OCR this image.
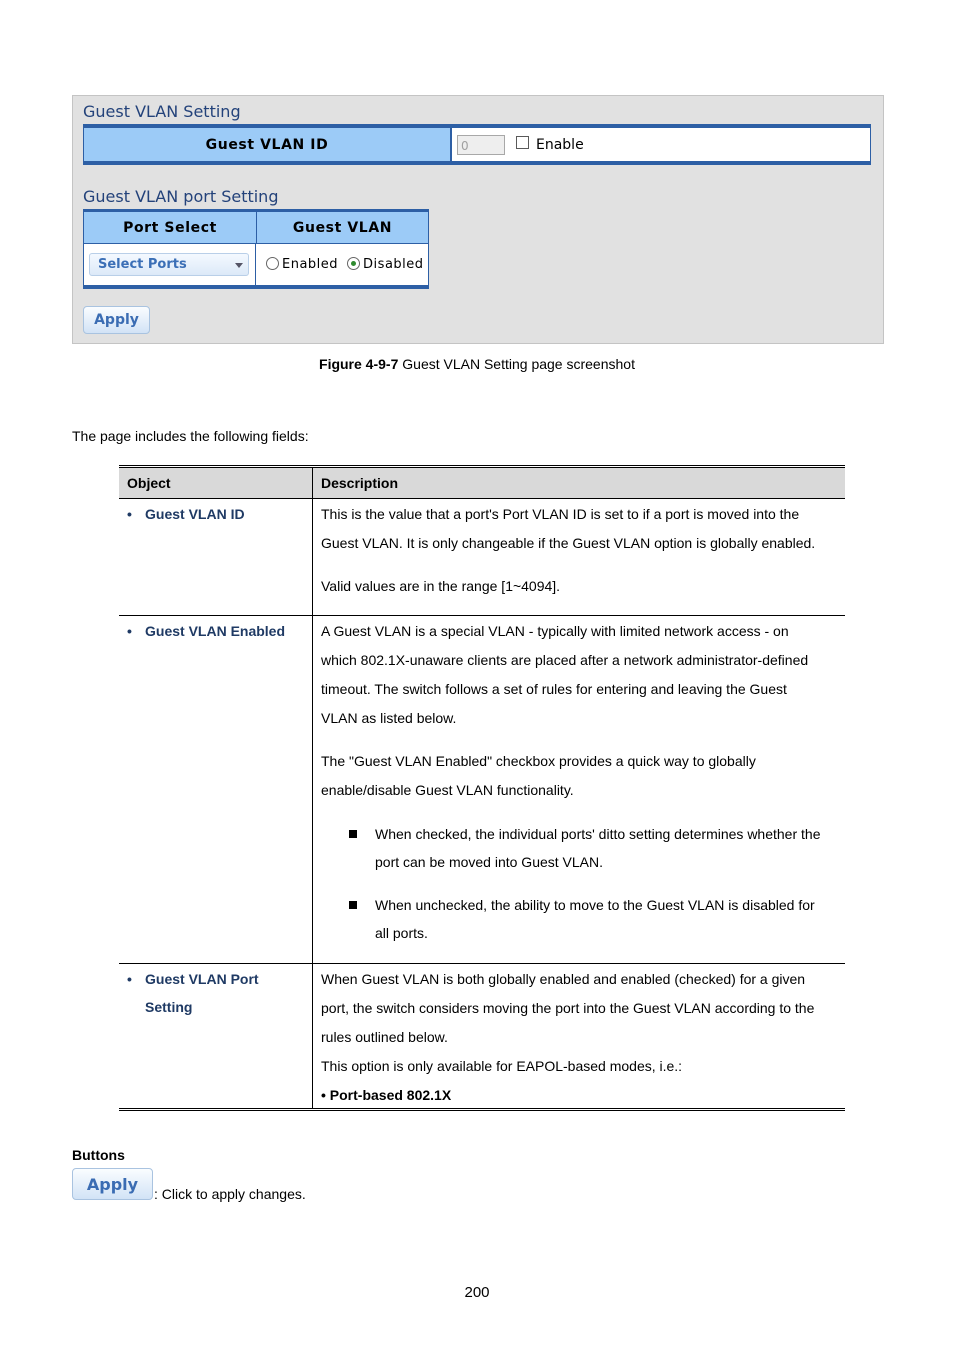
Guest VLAN Setting
Guest VLAN ID	0	Enable
Guest VLAN port Setting
Port Select	Guest VLAN
Select Ports	Enabled Disabled
Apply
Figure 4-9-7 Guest VLAN Setting page screenshot
The page includes the following fields:
Object	Description
• Guest VLAN ID	This is the value that a port's Port VLAN ID is set to if a port is moved into the
Guest VLAN. It is only changeable if the Guest VLAN option is globally enabled.
Valid values are in the range [1~4094].
• Guest VLAN Enabled	A Guest VLAN is a special VLAN - typically with limited network access - on
which 802.1X-unaware clients are placed after a network administrator-defined
timeout. The switch follows a set of rules for entering and leaving the Guest
VLAN as listed below.
The "Guest VLAN Enabled" checkbox provides a quick way to globally
enable/disable Guest VLAN functionality.
When checked, the individual ports' ditto setting determines whether the
port can be moved into Guest VLAN.
When unchecked, the ability to move to the Guest VLAN is disabled for
all ports.
• Guest VLAN Port
Setting
When Guest VLAN is both globally enabled and enabled (checked) for a given
port, the switch considers moving the port into the Guest VLAN according to the
rules outlined below.
This option is only available for EAPOL-based modes, i.e.:
• Port-based 802.1X
Buttons
Apply
: Click to apply changes.
200
